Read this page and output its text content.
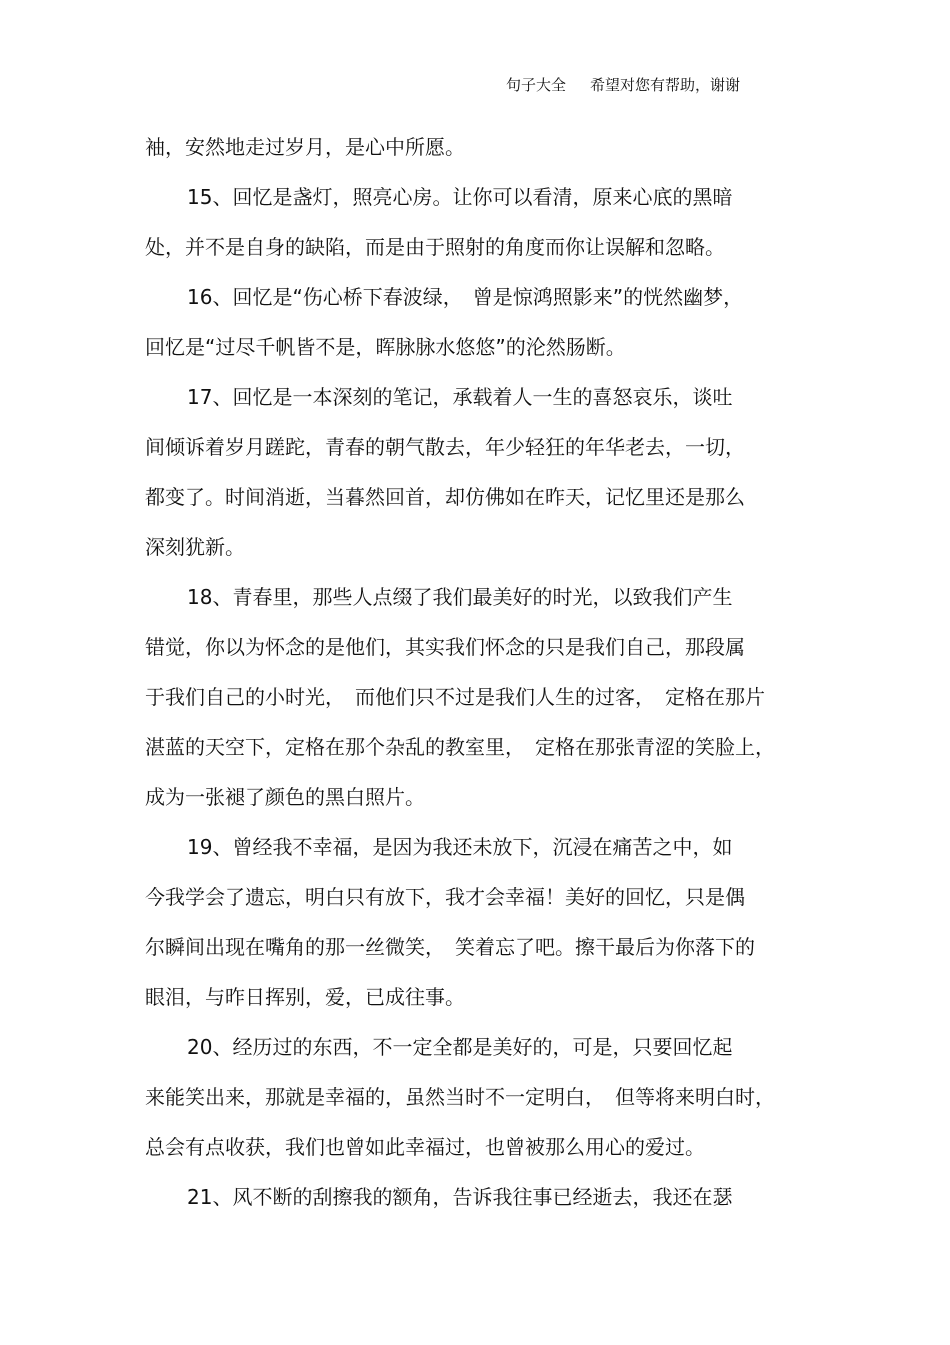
句子大全 希望对您有帮助，谢谢
袖，安然地走过岁月，是心中所愿。
15、回忆是盏灯，照亮心房。让你可以看清，原来心底的黑暗
处，并不是自身的缺陷，而是由于照射的角度而你让误解和忽略。
16、回忆是“伤心桥下春波绿，　曾是惊鸿照影来”的恍然幽梦，
回忆是“过尽千帆皆不是，晖脉脉水悠悠”的沦然肠断。
17、回忆是一本深刻的笔记，承载着人一生的喜怒哀乐，谈吐
间倾诉着岁月蹉跎，青春的朝气散去，年少轻狂的年华老去，一切，
都变了。时间消逝，当暮然回首，却仿佛如在昨天，记忆里还是那么
深刻犹新。
18、青春里，那些人点缀了我们最美好的时光，以致我们产生
错觉，你以为怀念的是他们，其实我们怀念的只是我们自己，那段属
于我们自己的小时光，　而他们只不过是我们人生的过客，　定格在那片
湛蓝的天空下，定格在那个杂乱的教室里，　定格在那张青涩的笑脸上，
成为一张褪了颜色的黑白照片。
19、曾经我不幸福，是因为我还未放下，沉浸在痛苦之中，如
今我学会了遗忘，明白只有放下，我才会幸福！美好的回忆，只是偶
尔瞬间出现在嘴角的那一丝微笑，　笑着忘了吧。擦干最后为你落下的
眼泪，与昨日挥别，爱，已成往事。
20、经历过的东西，不一定全都是美好的，可是，只要回忆起
来能笑出来，那就是幸福的，虽然当时不一定明白，　但等将来明白时，
总会有点收获，我们也曾如此幸福过，也曾被那么用心的爱过。
21、风不断的刮擦我的额角，告诉我往事已经逝去，我还在瑟
